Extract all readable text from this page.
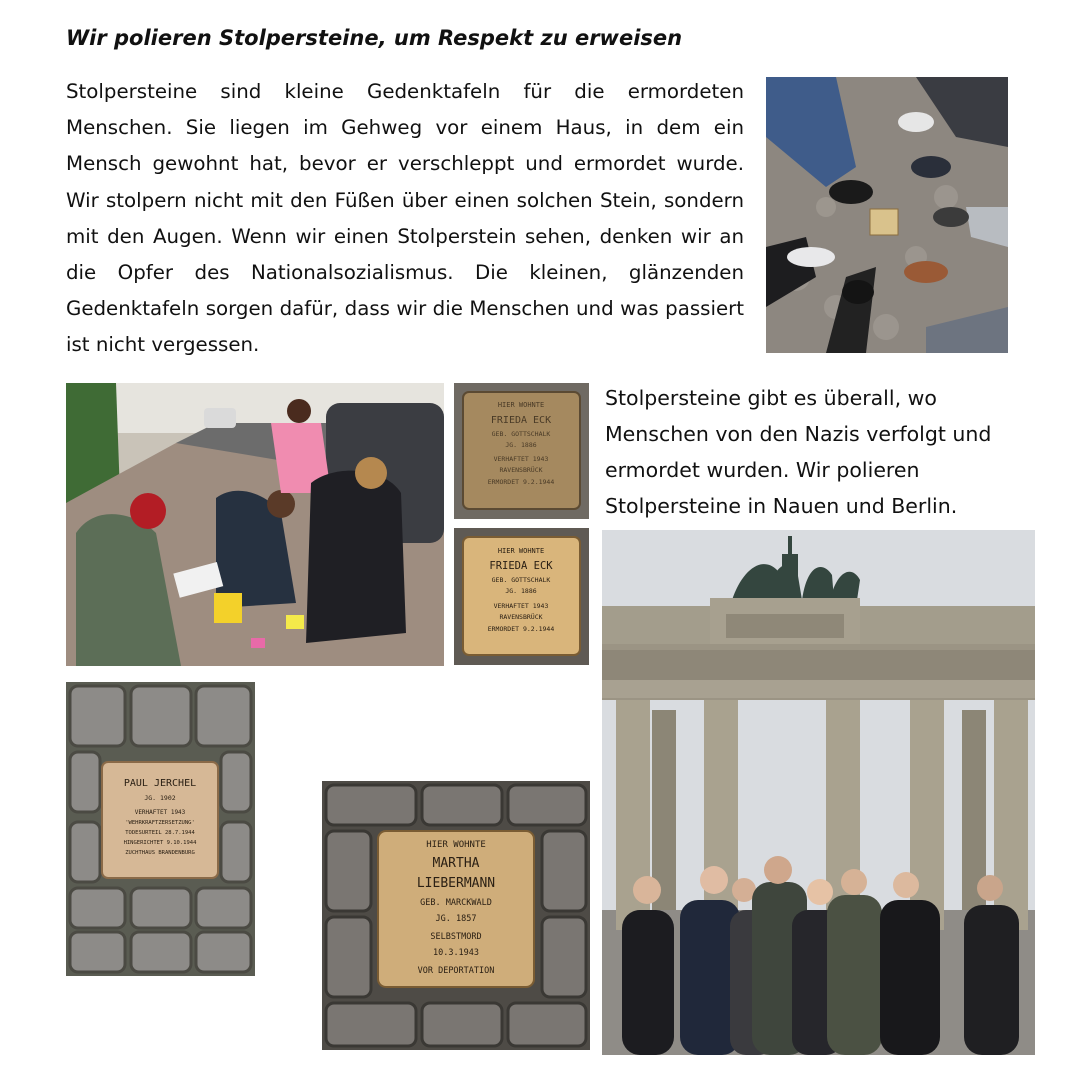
Wir polieren Stolpersteine, um Respekt zu erweisen

Stolpersteine sind kleine Gedenktafeln für die ermordeten Menschen. Sie liegen im Gehweg vor einem Haus, in dem ein Mensch gewohnt hat, bevor er verschleppt und ermordet wurde. Wir stolpern nicht mit den Füßen über einen solchen Stein, sondern mit den Augen. Wenn wir einen Stolperstein sehen, denken wir an die Opfer des Nationalsozialismus. Die kleinen, glänzenden Gedenktafeln sorgen dafür, dass wir die Menschen und was passiert ist nicht vergessen.

HIER WOHNTE
FRIEDA ECK
GEB. GOTTSCHALK
JG. 1886
VERHAFTET 1943
RAVENSBRÜCK
ERMORDET 9.2.1944
HIER WOHNTE
FRIEDA ECK
GEB. GOTTSCHALK
JG. 1886
VERHAFTET 1943
RAVENSBRÜCK
ERMORDET 9.2.1944

Stolpersteine gibt es überall, wo Menschen von den Nazis verfolgt und ermordet wurden. Wir polieren Stolpersteine in Nauen und Berlin.

PAUL JERCHEL
JG. 1902
VERHAFTET 1943
'WEHRKRAFTZERSETZUNG'
TODESURTEIL 28.7.1944
HINGERICHTET 9.10.1944
ZUCHTHAUS BRANDENBURG
HIER WOHNTE
MARTHA
LIEBERMANN
GEB. MARCKWALD
JG. 1857
SELBSTMORD
10.3.1943
VOR DEPORTATION
